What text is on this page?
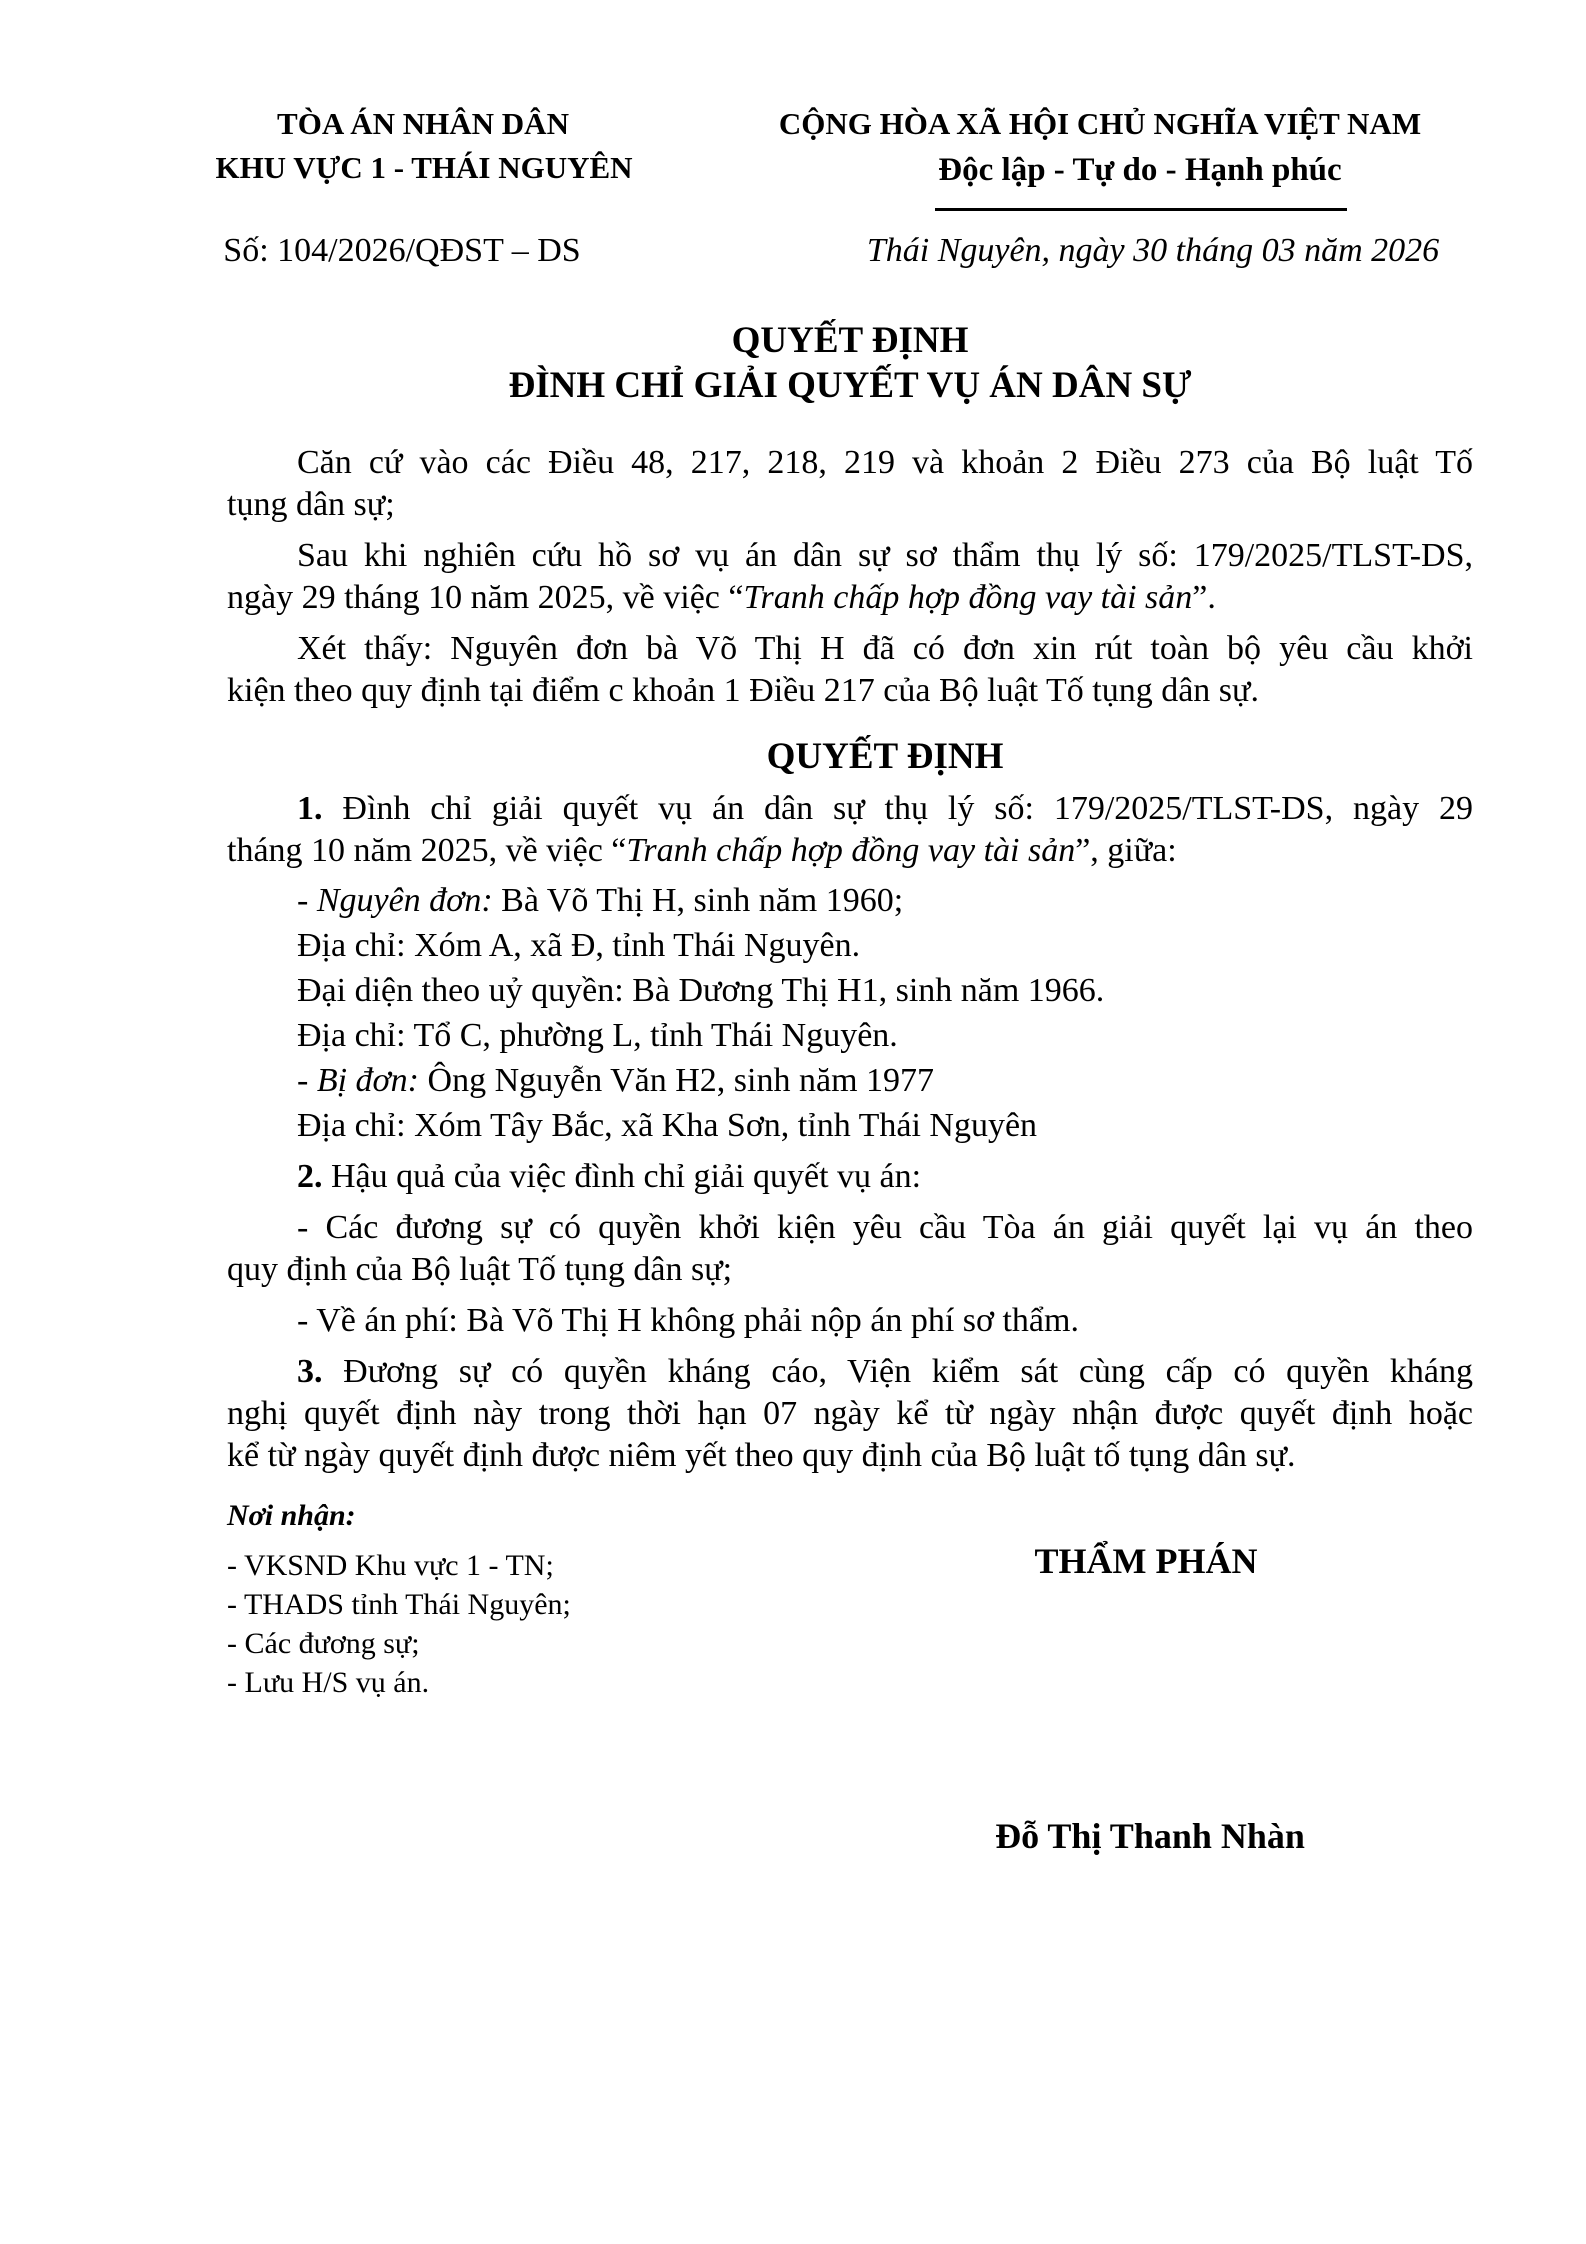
TÒA ÁN NHÂN DÂN
KHU VỰC 1 - THÁI NGUYÊN
Số: 104/2026/QĐST – DS
CỘNG HÒA XÃ HỘI CHỦ NGHĨA VIỆT NAM
Độc lập - Tự do - Hạnh phúc
Thái Nguyên, ngày 30 tháng 03 năm 2026
QUYẾT ĐỊNH
ĐÌNH CHỈ GIẢI QUYẾT VỤ ÁN DÂN SỰ
Căn cứ vào các Điều 48, 217, 218, 219 và khoản 2 Điều 273 của Bộ luật Tố
tụng dân sự;
Sau khi nghiên cứu hồ sơ vụ án dân sự sơ thẩm thụ lý số: 179/2025/TLST-DS,
ngày 29 tháng 10 năm 2025, về việc “Tranh chấp hợp đồng vay tài sản”.
Xét thấy: Nguyên đơn bà Võ Thị H đã có đơn xin rút toàn bộ yêu cầu khởi
kiện theo quy định tại điểm c khoản 1 Điều 217 của Bộ luật Tố tụng dân sự.
QUYẾT ĐỊNH
1. Đình chỉ giải quyết vụ án dân sự thụ lý số: 179/2025/TLST-DS, ngày 29
tháng 10 năm 2025, về việc “Tranh chấp hợp đồng vay tài sản”, giữa:
- Nguyên đơn: Bà Võ Thị H, sinh năm 1960;
Địa chỉ: Xóm A, xã Đ, tỉnh Thái Nguyên.
Đại diện theo uỷ quyền: Bà Dương Thị H1, sinh năm 1966.
Địa chỉ: Tổ C, phường L, tỉnh Thái Nguyên.
- Bị đơn: Ông Nguyễn Văn H2, sinh năm 1977
Địa chỉ: Xóm Tây Bắc, xã Kha Sơn, tỉnh Thái Nguyên
2. Hậu quả của việc đình chỉ giải quyết vụ án:
- Các đương sự có quyền khởi kiện yêu cầu Tòa án giải quyết lại vụ án theo
quy định của Bộ luật Tố tụng dân sự;
- Về án phí: Bà Võ Thị H không phải nộp án phí sơ thẩm.
3. Đương sự có quyền kháng cáo, Viện kiểm sát cùng cấp có quyền kháng
nghị quyết định này trong thời hạn 07 ngày kể từ ngày nhận được quyết định hoặc
kể từ ngày quyết định được niêm yết theo quy định của Bộ luật tố tụng dân sự.
Nơi nhận:
- VKSND Khu vực 1 - TN;
- THADS tỉnh Thái Nguyên;
- Các đương sự;
- Lưu H/S vụ án.
THẨM PHÁN
Đỗ Thị Thanh Nhàn
